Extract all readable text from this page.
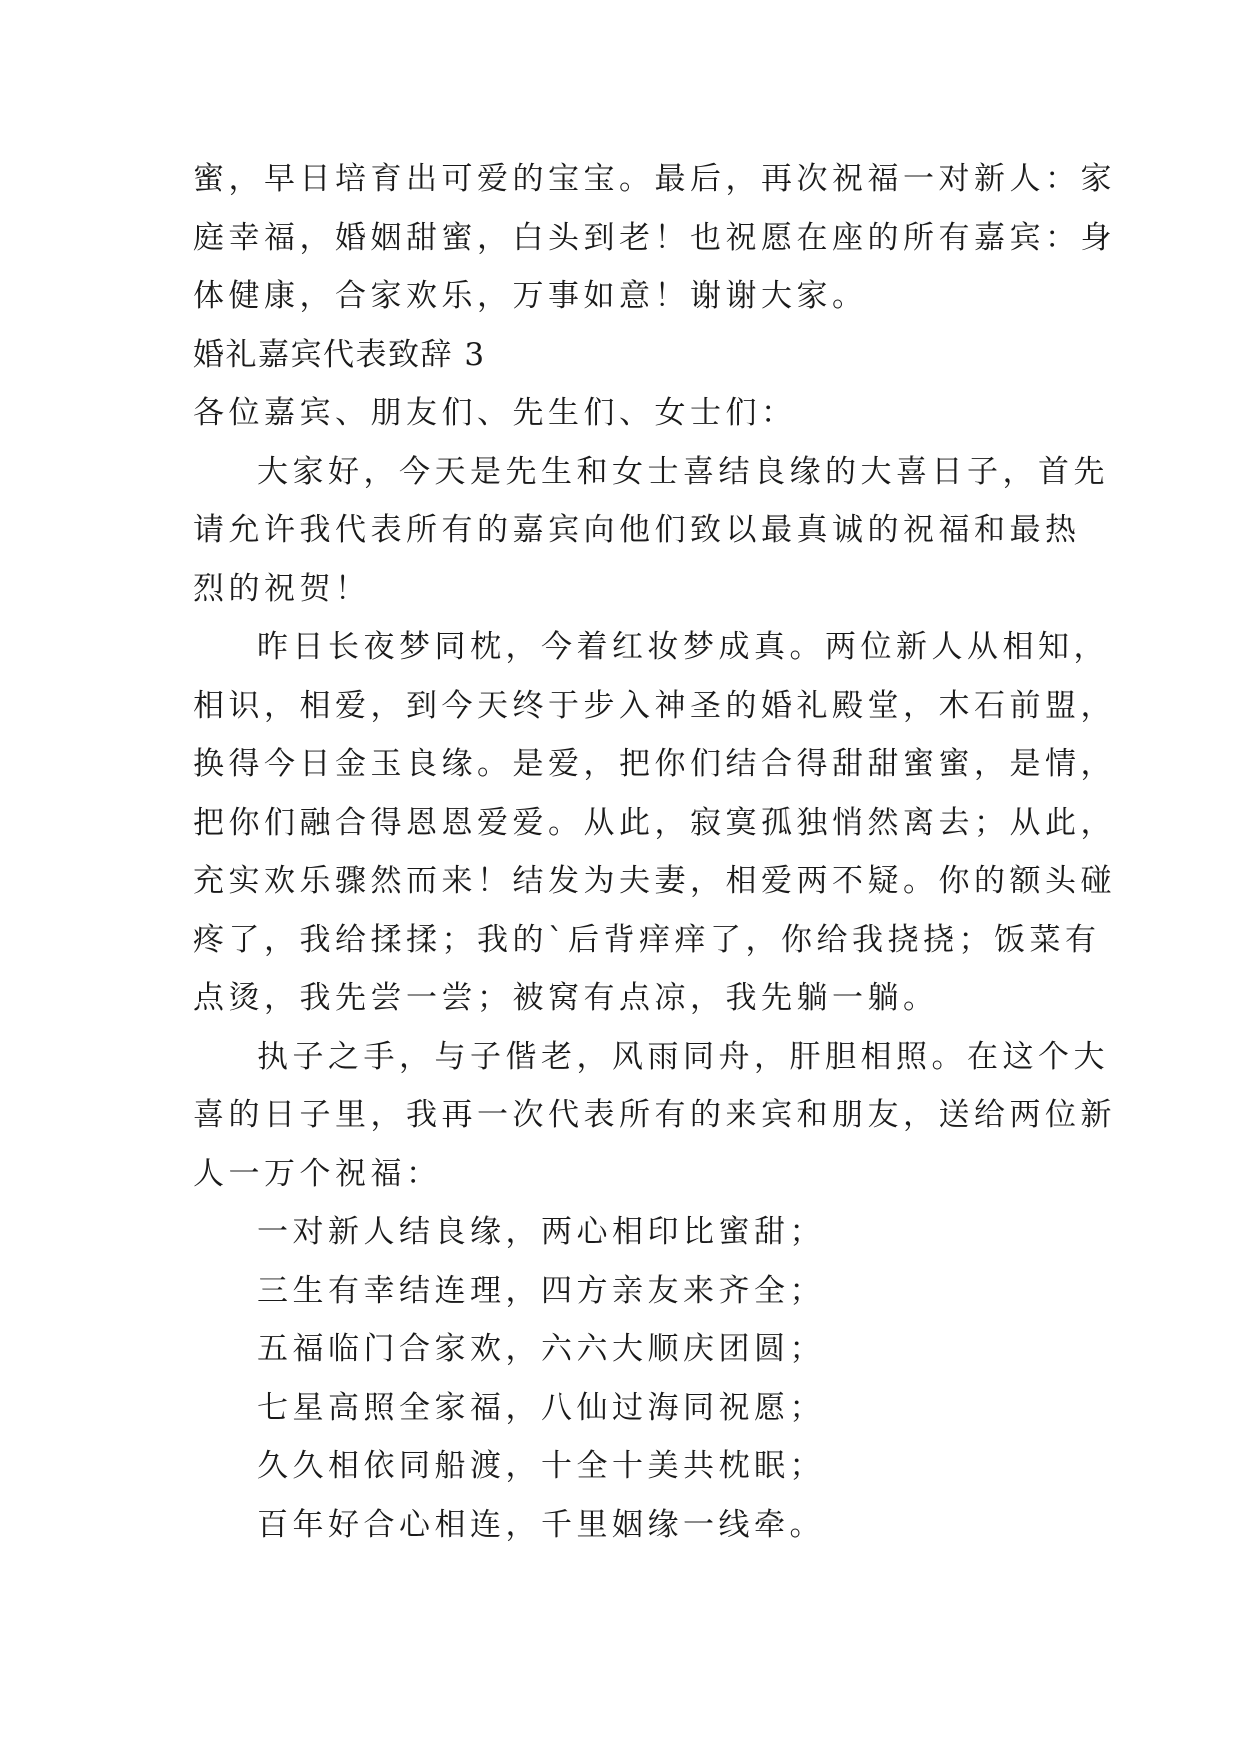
蜜，早日培育出可爱的宝宝。最后，再次祝福一对新人：家
庭幸福，婚姻甜蜜，白头到老！也祝愿在座的所有嘉宾：身
体健康，合家欢乐，万事如意！谢谢大家。
婚礼嘉宾代表致辞 3
各位嘉宾、朋友们、先生们、女士们：
大家好，今天是先生和女士喜结良缘的大喜日子，首先
请允许我代表所有的嘉宾向他们致以最真诚的祝福和最热
烈的祝贺！
昨日长夜梦同枕，今着红妆梦成真。两位新人从相知，
相识，相爱，到今天终于步入神圣的婚礼殿堂，木石前盟，
换得今日金玉良缘。是爱，把你们结合得甜甜蜜蜜，是情，
把你们融合得恩恩爱爱。从此，寂寞孤独悄然离去；从此，
充实欢乐骤然而来！结发为夫妻，相爱两不疑。你的额头碰
疼了，我给揉揉；我的`后背痒痒了，你给我挠挠；饭菜有
点烫，我先尝一尝；被窝有点凉，我先躺一躺。
执子之手，与子偕老，风雨同舟，肝胆相照。在这个大
喜的日子里，我再一次代表所有的来宾和朋友，送给两位新
人一万个祝福：
一对新人结良缘，两心相印比蜜甜；
三生有幸结连理，四方亲友来齐全；
五福临门合家欢，六六大顺庆团圆；
七星高照全家福，八仙过海同祝愿；
久久相依同船渡，十全十美共枕眠；
百年好合心相连，千里姻缘一线牵。
